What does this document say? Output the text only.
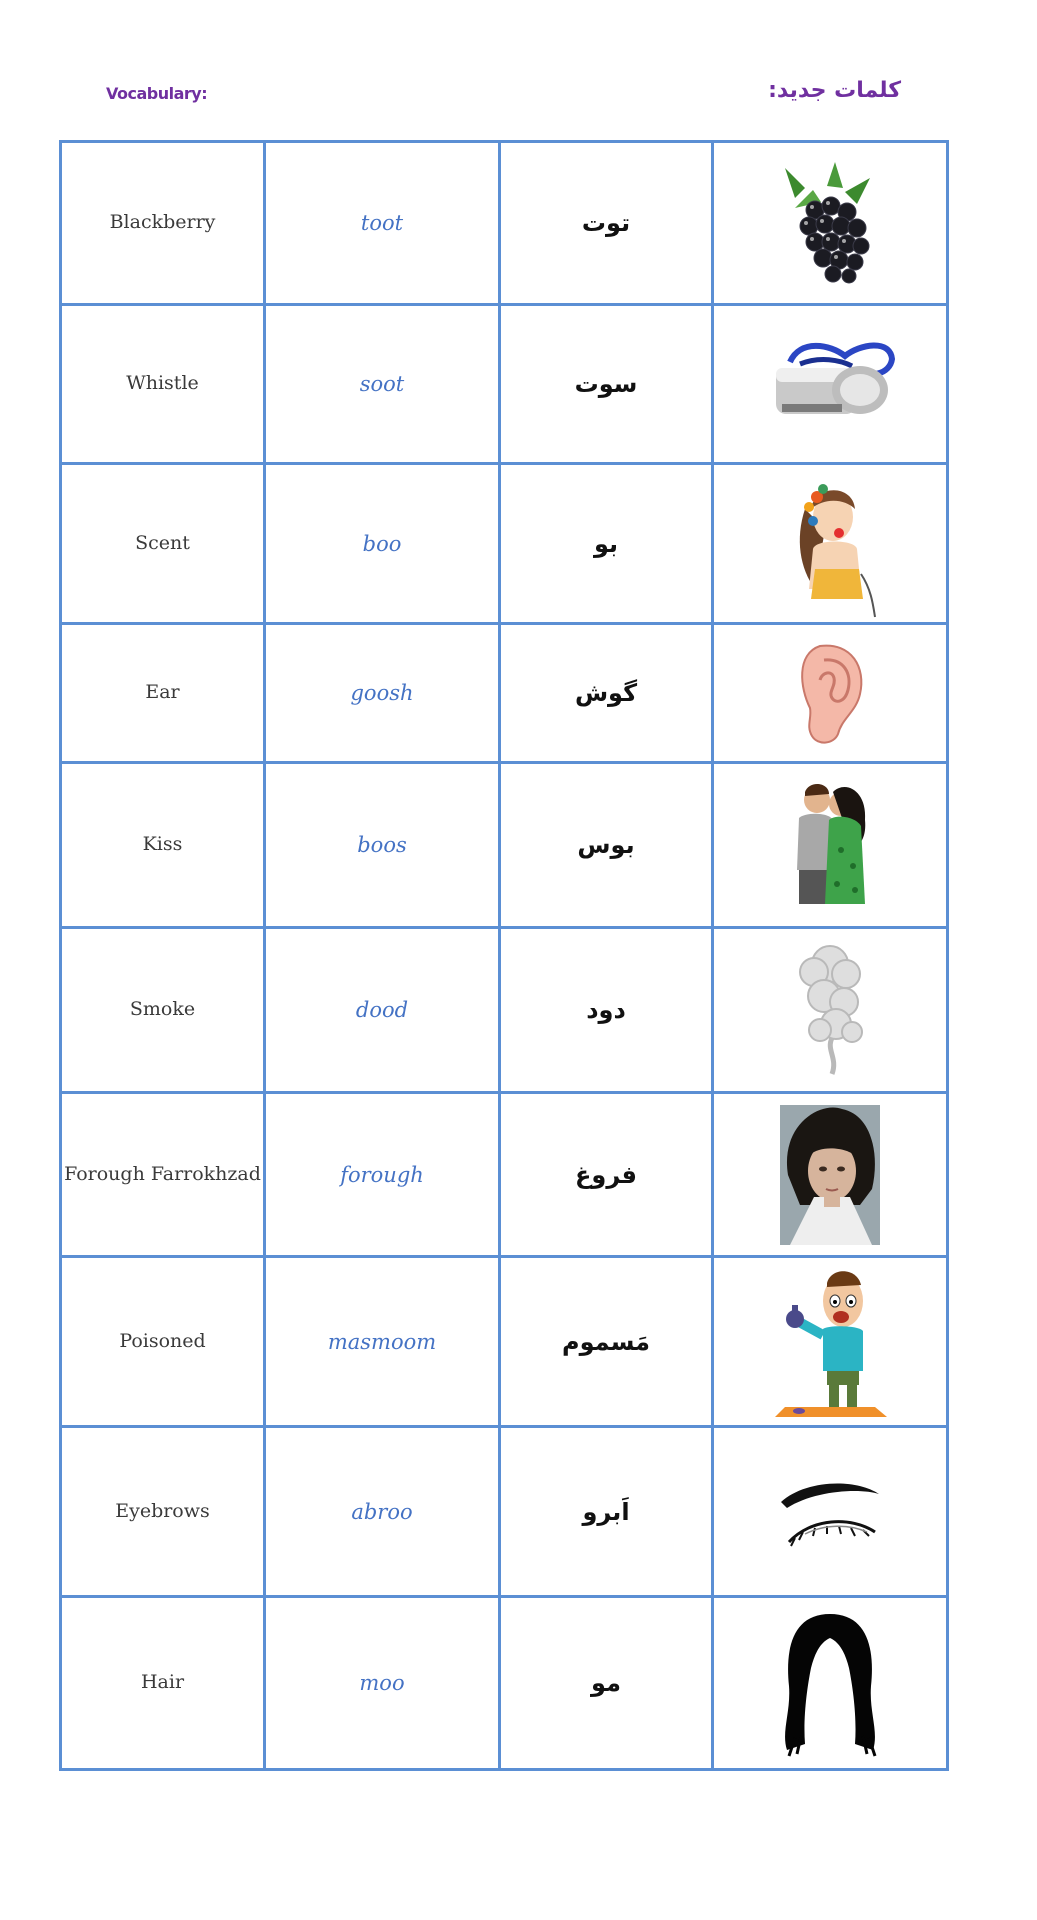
Vocabulary:	کلمات جدید:
Blackberry	toot	توت	

Whistle	soot	سوت	

Scent	boo	بو	

Ear	goosh	گوش	

Kiss	boos	بوس	

Smoke	dood	دود	

Forough Farrokhzad	forough	فروغ	

Poisoned	masmoom	مَسموم	

Eyebrows	abroo	اَبرو	

Hair	moo	مو	
